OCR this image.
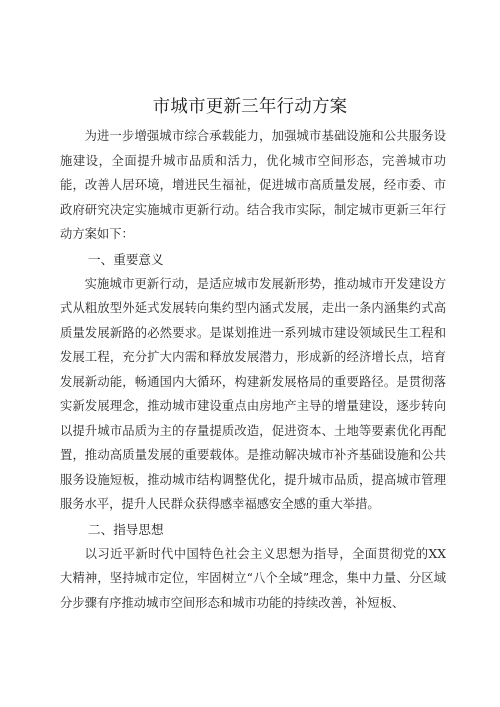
市城市更新三年行动方案

为进一步增强城市综合承载能力，加强城市基础设施和公共服务设施建设，全面提升城市品质和活力，优化城市空间形态，完善城市功能，改善人居环境，增进民生福祉，促进城市高质量发展，经市委、市政府研究决定实施城市更新行动。结合我市实际，制定城市更新三年行动方案如下：

一、重要意义

实施城市更新行动，是适应城市发展新形势，推动城市开发建设方式从粗放型外延式发展转向集约型内涵式发展，走出一条内涵集约式高质量发展新路的必然要求。是谋划推进一系列城市建设领域民生工程和发展工程，充分扩大内需和释放发展潜力，形成新的经济增长点，培育发展新动能，畅通国内大循环，构建新发展格局的重要路径。是贯彻落实新发展理念，推动城市建设重点由房地产主导的增量建设，逐步转向以提升城市品质为主的存量提质改造，促进资本、土地等要素优化再配置，推动高质量发展的重要载体。是推动解决城市补齐基础设施和公共服务设施短板，推动城市结构调整优化，提升城市品质，提高城市管理服务水平，提升人民群众获得感幸福感安全感的重大举措。

二、指导思想

以习近平新时代中国特色社会主义思想为指导，全面贯彻党的XX大精神，坚持城市定位，牢固树立“八个全域”理念，集中力量、分区域分步骤有序推动城市空间形态和城市功能的持续改善，补短板、
